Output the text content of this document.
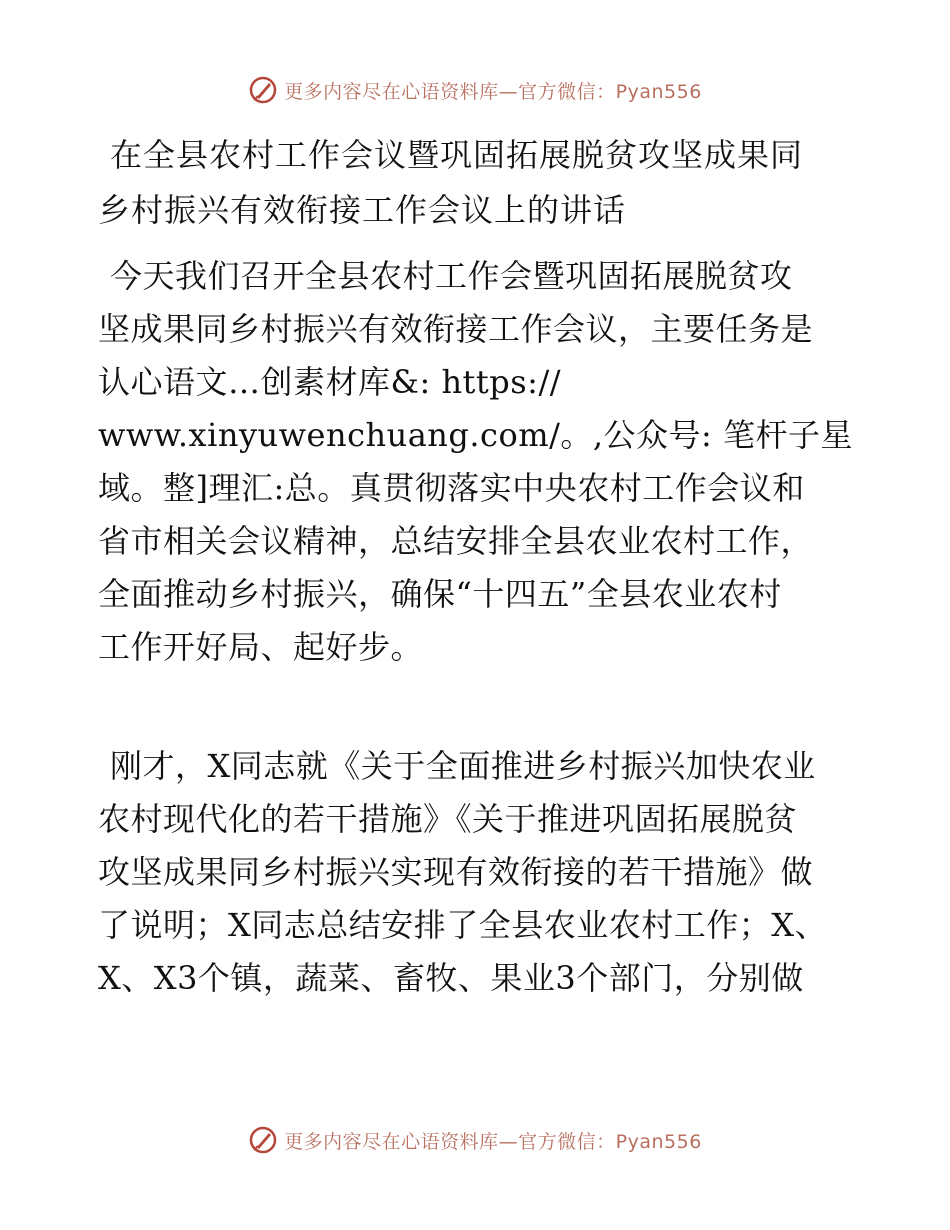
更多内容尽在心语资料库—官方微信：Pyan556
在全县农村工作会议暨巩固拓展脱贫攻坚成果同
乡村振兴有效衔接工作会议上的讲话

今天我们召开全县农村工作会暨巩固拓展脱贫攻
坚成果同乡村振兴有效衔接工作会议，主要任务是
认心语文…创素材库&: https://
www.xinyuwenchuang.com/。,公众号: 笔杆子星
域。整]理汇:总。真贯彻落实中央农村工作会议和
省市相关会议精神，总结安排全县农业农村工作，
全面推动乡村振兴，确保“十四五”全县农业农村
工作开好局、起好步。

刚才，X同志就《关于全面推进乡村振兴加快农业
农村现代化的若干措施》《关于推进巩固拓展脱贫
攻坚成果同乡村振兴实现有效衔接的若干措施》做
了说明；X同志总结安排了全县农业农村工作；X、
X、X3个镇，蔬菜、畜牧、果业3个部门，分别做

更多内容尽在心语资料库—官方微信：Pyan556
